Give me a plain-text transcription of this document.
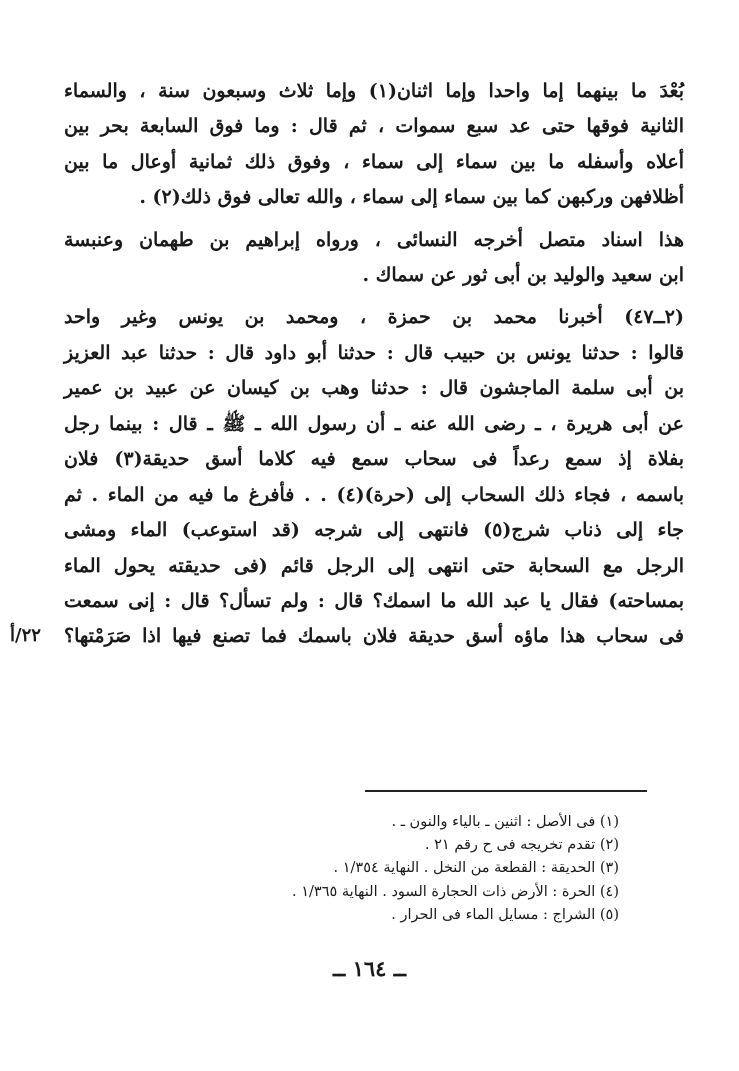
بُعْدَ ما بينهما إما واحدا وإما اثنان(١) وإما ثلاث وسبعون سنة ، والسماء
الثانية فوقها حتى عد سبع سموات ، ثم قال : وما فوق السابعة بحر بين
أعلاه وأسفله ما بين سماء إلى سماء ، وفوق ذلك ثمانية أوعال ما بين
أظلافهن وركبهن كما بين سماء إلى سماء ، والله تعالى فوق ذلك(٢) .
هذا اسناد متصل أخرجه النسائى ، ورواه إبراهيم بن طهمان وعنبسة
ابن سعيد والوليد بن أبى ثور عن سماك .
(٢ــ٤٧) أخبرنا محمد بن حمزة ، ومحمد بن يونس وغير واحد
قالوا : حدثنا يونس بن حبيب قال : حدثنا أبو داود قال : حدثنا عبد العزيز
بن أبى سلمة الماجشون قال : حدثنا وهب بن كيسان عن عبيد بن عمير
عن أبى هريرة ، ـ رضى الله عنه ـ أن رسول الله ـ ﷺ ـ قال : بينما رجل
بفلاة إذ سمع رعداً فى سحاب سمع فيه كلاما أسق حديقة(٣) فلان
باسمه ، فجاء ذلك السحاب إلى (حرة)(٤) . . فأفرغ ما فيه من الماء . ثم
جاء إلى ذناب شرج(٥) فانتهى إلى شرجه (قد استوعب) الماء ومشى
الرجل مع السحابة حتى انتهى إلى الرجل قائم (فى حديقته يحول الماء
بمساحته) فقال يا عبد الله ما اسمك؟ قال : ولم تسأل؟ قال : إنى سمعت
فى سحاب هذا ماؤه أسق حديقة فلان باسمك فما تصنع فيها اذا صَرَمْتها؟
٢٢/أ
(١) فى الأصل : اثنين ـ بالياء والنون ـ .
(٢) تقدم تخريجه فى ح رقم ٢١ .
(٣) الحديقة : القطعة من النخل . النهاية ١/٣٥٤ .
(٤) الحرة : الأرض ذات الحجارة السود . النهاية ١/٣٦٥ .
(٥) الشراج : مسايل الماء فى الحرار .
ــ ١٦٤ ــ
